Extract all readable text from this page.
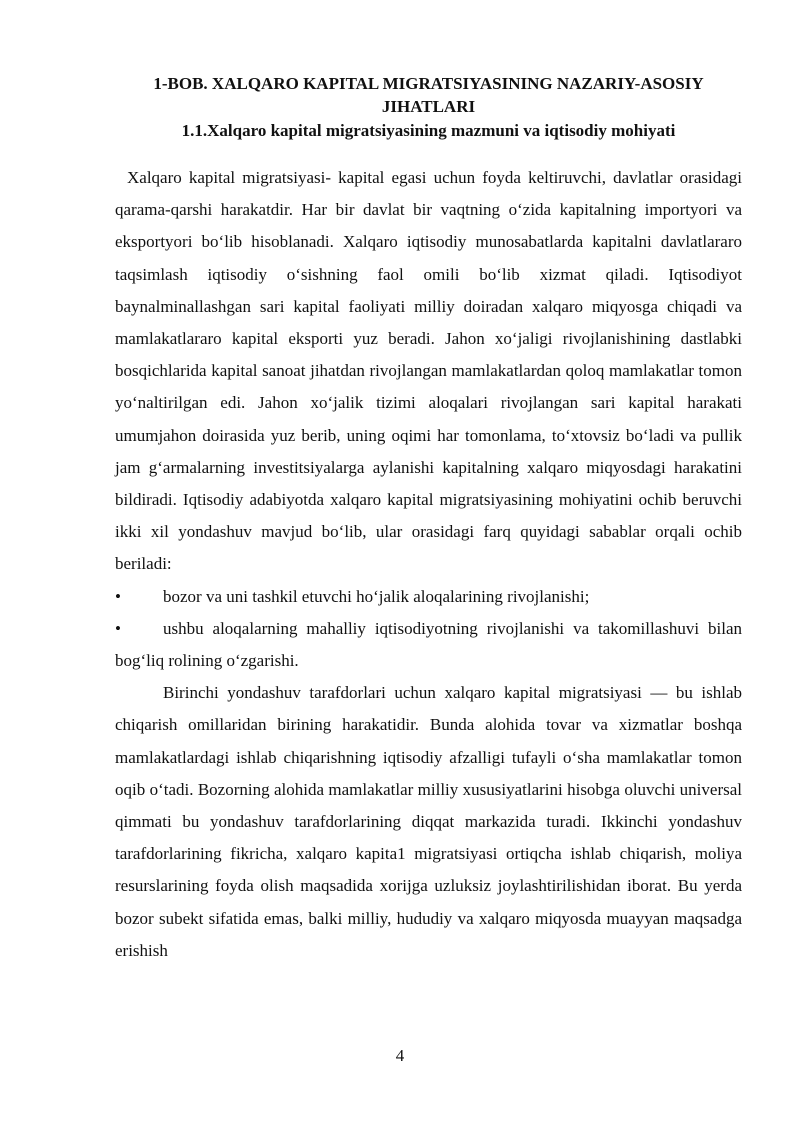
1-BOB. XALQARO KAPITAL MIGRATSIYASINING NAZARIY-ASOSIY JIHATLARI
1.1.Xalqaro kapital migratsiyasining mazmuni va iqtisodiy mohiyati

Xalqaro kapital migratsiyasi- kapital egasi uchun foyda keltiruvchi, davlatlar orasidagi qarama-qarshi harakatdir. Har bir davlat bir vaqtning o‘zida kapitalning importyori va eksportyori bo‘lib hisoblanadi. Xalqaro iqtisodiy munosabatlarda kapitalni davlatlararo taqsimlash iqtisodiy o‘sishning faol omili bo‘lib xizmat qiladi. Iqtisodiyot baynalminallashgan sari kapital faoliyati milliy doiradan xalqaro miqyosga chiqadi va mamlakatlararo kapital eksporti yuz beradi. Jahon xo‘jaligi rivojlanishining dastlabki bosqichlarida kapital sanoat jihatdan rivojlangan mamlakatlardan qoloq mamlakatlar tomon yo‘naltirilgan edi. Jahon xo‘jalik tizimi aloqalari rivojlangan sari kapital harakati umumjahon doirasida yuz berib, uning oqimi har tomonlama, to‘xtovsiz bo‘ladi va pullik jam g‘armalarning investitsiyalarga aylanishi kapitalning xalqaro miqyosdagi harakatini bildiradi. Iqtisodiy adabiyotda xalqaro kapital migratsiyasining mohiyatini ochib beruvchi ikki xil yondashuv mavjud bo‘lib, ular orasidagi farq quyidagi sabablar orqali ochib beriladi:

• bozor va uni tashkil etuvchi ho‘jalik aloqalarining rivojlanishi;
• ushbu aloqalarning mahalliy iqtisodiyotning rivojlanishi va takomillashuvi bilan bog‘liq rolining o‘zgarishi.

Birinchi yondashuv tarafdorlari uchun xalqaro kapital migratsiyasi — bu ishlab chiqarish omillaridan birining harakatidir. Bunda alohida tovar va xizmatlar boshqa mamlakatlardagi ishlab chiqarishning iqtisodiy afzalligi tufayli o‘sha mamlakatlar tomon oqib o‘tadi. Bozorning alohida mamlakatlar milliy xususiyatlarini hisobga oluvchi universal qimmati bu yondashuv tarafdorlarining diqqat markazida turadi. Ikkinchi yondashuv tarafdorlarining fikricha, xalqaro kapita1 migratsiyasi ortiqcha ishlab chiqarish, moliya resurslarining foyda olish maqsadida xorijga uzluksiz joylashtirilishidan iborat. Bu yerda bozor subekt sifatida emas, balki milliy, hududiy va xalqaro miqyosda muayyan maqsadga erishish

4
